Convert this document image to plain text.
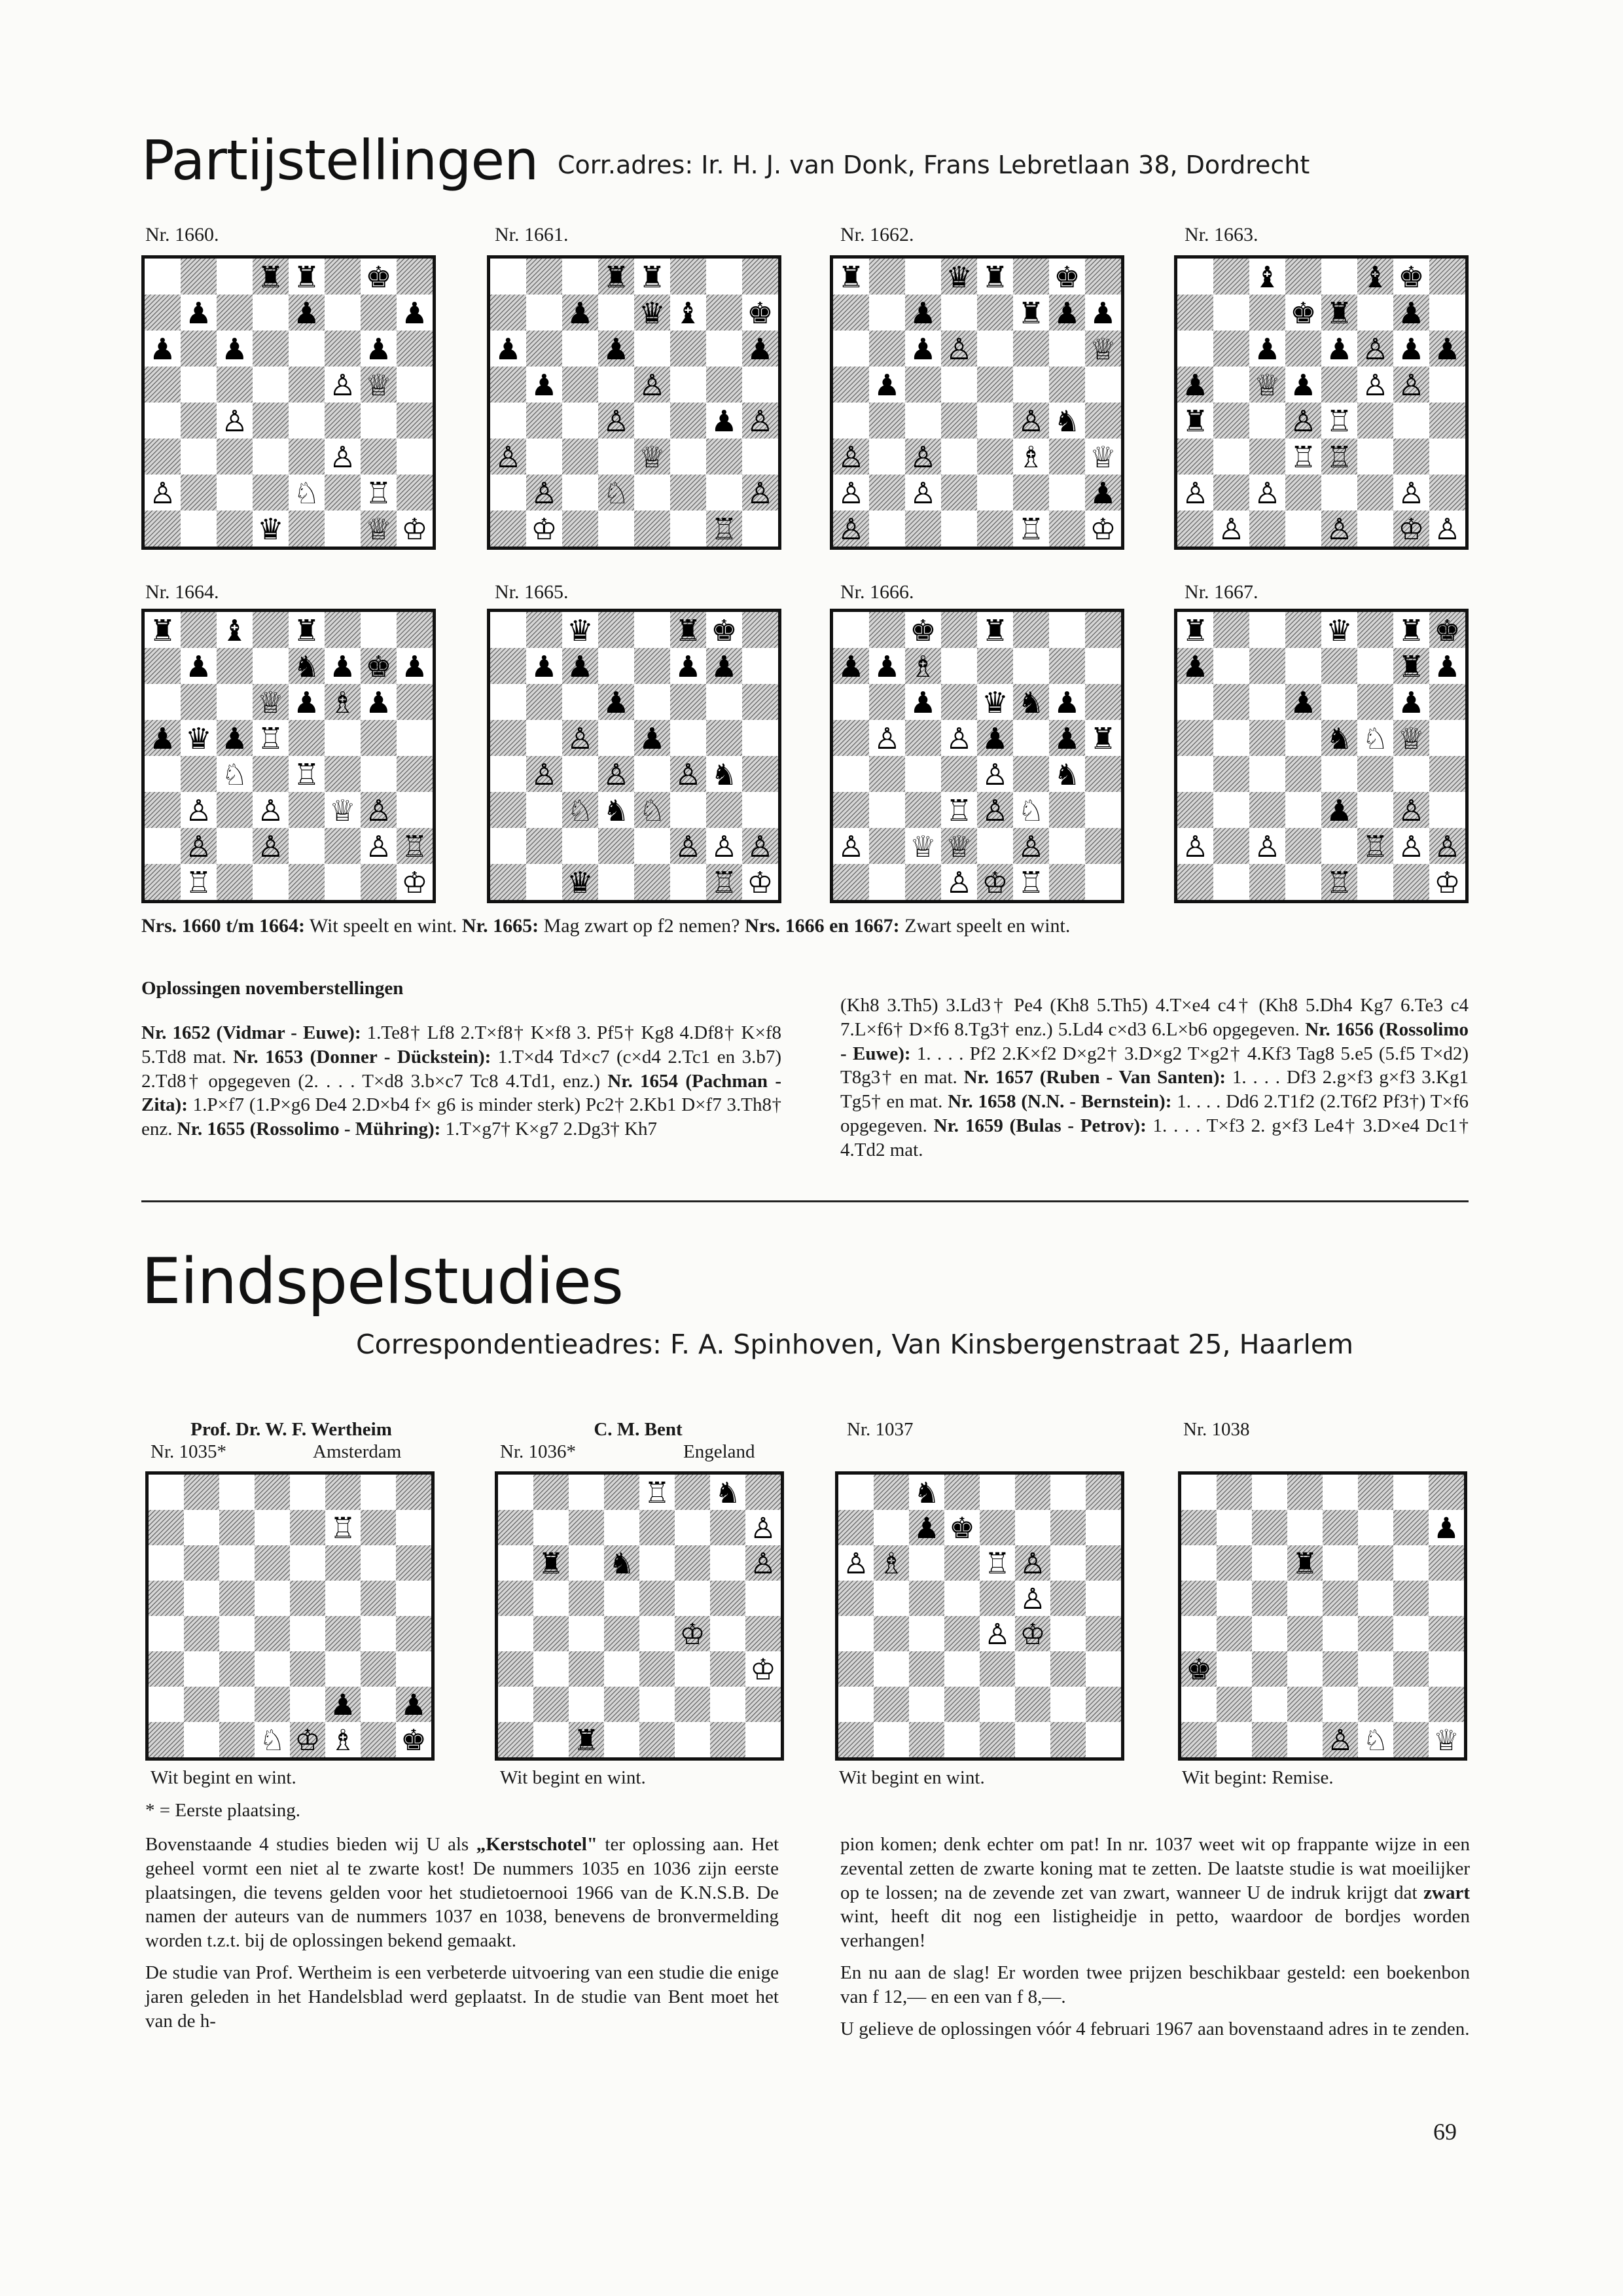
Partijstellingen Corr.adres: Ir. H. J. van Donk, Frans Lebretlaan 38, Dordrecht
Nr. 1660.	Nr. 1661.	Nr. 1662.	Nr. 1663.
♜ ♜ ♚
♟	♟	♟
♟ ♟	♟
♙ ♕
♙
♙
♙	♘ ♖
♛	♕ ♔
♜ ♜
♟ ♛ ♝ ♚
♟	♟	♟
♟	♙
♙	♟ ♙
♙	♕
♙ ♘	♙
♔	♖
♜	♛ ♜ ♚
♟	♜ ♟ ♟
♟ ♙	♕
♟
♙ ♞
♙ ♙	♗ ♕
♙ ♙	♟
♙	♖ ♔
♝	♝ ♚
♚ ♜ ♟
♟ ♟ ♙ ♟ ♟
♟ ♕ ♟ ♙ ♙
♜	♙ ♖
♖ ♖
♙ ♙	♙
♙	♙ ♔ ♙
Nr. 1664.	Nr. 1665.	Nr. 1666.	Nr. 1667.
♜ ♝ ♜
♟	♞ ♟ ♚ ♟
♕ ♟ ♗ ♟
♟ ♛ ♟ ♖
♘ ♖
♙ ♙ ♕ ♙
♙ ♙	♙ ♖
♖	♔
♛	♜ ♚
♟ ♟	♟ ♟
♟
♙ ♟
♙ ♙ ♙ ♞
♘ ♞ ♘
♙ ♙ ♙
♛	♖ ♔
♚ ♜
♟ ♟ ♗
♟ ♛ ♞ ♟
♙ ♙ ♟ ♟ ♜
♙ ♞
♖ ♙ ♘
♙ ♕ ♕ ♙
♙ ♔ ♖
♜	♛ ♜ ♚
♟	♜ ♟
♟	♟
♞ ♘ ♕
♟ ♙
♙ ♙	♖ ♙ ♙
♖	♔
Nrs. 1660 t/m 1664: Wit speelt en wint. Nr. 1665: Mag zwart op f2 nemen? Nrs. 1666 en 1667: Zwart speelt en wint.
Oplossingen novemberstellingen

Nr. 1652 (Vidmar - Euwe): 1.Te8† Lf8 2.T×f8† K×f8 3. Pf5† Kg8 4.Df8† K×f8 5.Td8 mat. Nr. 1653 (Donner - Dückstein): 1.T×d4 Td×c7 (c×d4 2.Tc1 en 3.b7) 2.Td8† opgegeven (2. . . . T×d8 3.b×c7 Tc8 4.Td1, enz.) Nr. 1654 (Pachman - Zita): 1.P×f7 (1.P×g6 De4 2.D×b4 f× g6 is minder sterk) Pc2† 2.Kb1 D×f7 3.Th8† enz. Nr. 1655 (Rossolimo - Mühring): 1.T×g7† K×g7 2.Dg3† Kh7

(Kh8 3.Th5) 3.Ld3† Pe4 (Kh8 5.Th5) 4.T×e4 c4† (Kh8 5.Dh4 Kg7 6.Te3 c4 7.L×f6† D×f6 8.Tg3† enz.) 5.Ld4 c×d3 6.L×b6 opgegeven. Nr. 1656 (Rossolimo - Euwe): 1. . . . Pf2 2.K×f2 D×g2† 3.D×g2 T×g2† 4.Kf3 Tag8 5.e5 (5.f5 T×d2) T8g3† en mat. Nr. 1657 (Ruben - Van Santen): 1. . . . Df3 2.g×f3 g×f3 3.Kg1 Tg5† en mat. Nr. 1658 (N.N. - Bernstein): 1. . . . Dd6 2.T1f2 (2.T6f2 Pf3†) T×f6 opgegeven. Nr. 1659 (Bulas - Petrov): 1. . . . T×f3 2. g×f3 Le4† 3.D×e4 Dc1† 4.Td2 mat.

Eindspelstudies
Correspondentieadres: F. A. Spinhoven, Van Kinsbergenstraat 25, Haarlem
Prof. Dr. W. F. Wertheim
Nr. 1035*	Amsterdam
C. M. Bent
Nr. 1036*	Engeland
Nr. 1037	Nr. 1038
♖
♟ ♟
♘ ♔ ♗ ♚
♖ ♞
♙
♜ ♞	♙
♔
♔
♜
♞
♟ ♚
♙ ♗	♖ ♙
♙
♙ ♔
♟
♜
♚
♙ ♘ ♕
Wit begint en wint.	Wit begint en wint.	Wit begint en wint.	Wit begint: Remise.
* = Eerste plaatsing.

Bovenstaande 4 studies bieden wij U als „Kerstschotel" ter oplossing aan. Het geheel vormt een niet al te zwarte kost! De nummers 1035 en 1036 zijn eerste plaatsingen, die tevens gelden voor het studietoernooi 1966 van de K.N.S.B. De namen der auteurs van de nummers 1037 en 1038, benevens de bronvermelding worden t.z.t. bij de oplossingen bekend gemaakt.

De studie van Prof. Wertheim is een verbeterde uitvoering van een studie die enige jaren geleden in het Handelsblad werd geplaatst. In de studie van Bent moet het van de h-

pion komen; denk echter om pat! In nr. 1037 weet wit op frappante wijze in een zevental zetten de zwarte koning mat te zetten. De laatste studie is wat moeilijker op te lossen; na de zevende zet van zwart, wanneer U de indruk krijgt dat zwart wint, heeft dit nog een listigheidje in petto, waardoor de bordjes worden verhangen!

En nu aan de slag! Er worden twee prijzen beschikbaar gesteld: een boekenbon van f 12,— en een van f 8,—.

U gelieve de oplossingen vóór 4 februari 1967 aan bovenstaand adres in te zenden.

69
